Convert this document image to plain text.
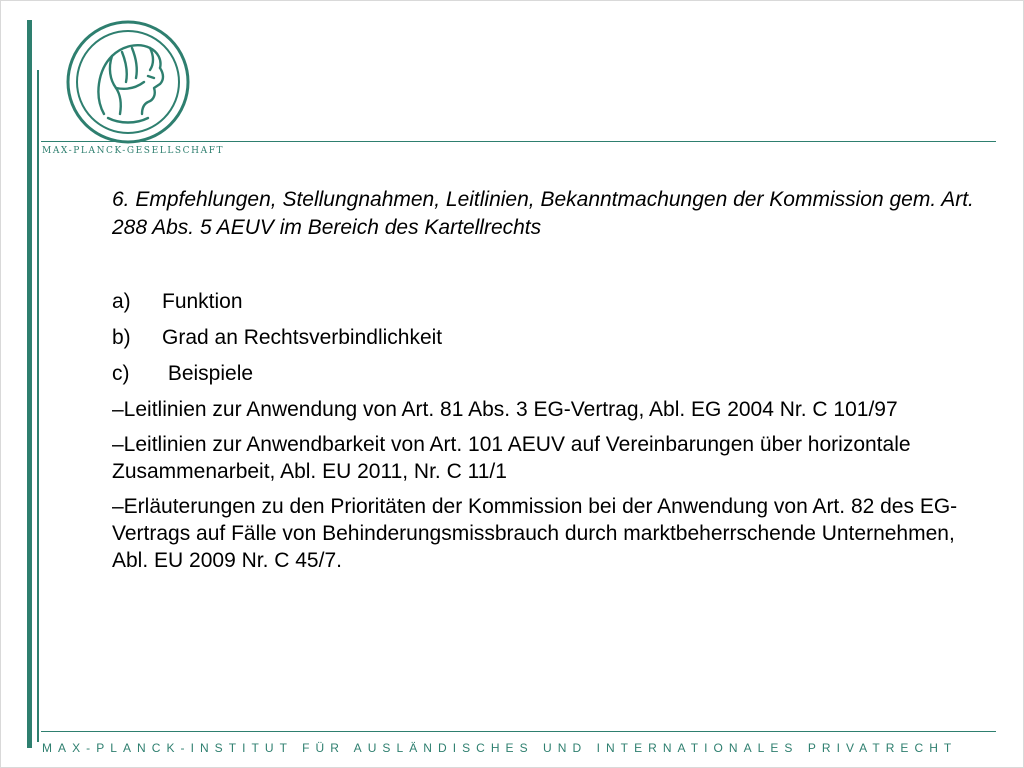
MAX-PLANCK-GESELLSCHAFT

6. Empfehlungen, Stellungnahmen, Leitlinien, Bekanntmachungen der Kommission gem. Art. 288 Abs. 5 AEUV im Bereich des Kartellrechts

a)	Funktion
b)	Grad an Rechtsverbindlichkeit
c)	Beispiele
–Leitlinien zur Anwendung von Art. 81 Abs. 3 EG-Vertrag, Abl. EG 2004 Nr. C 101/97
–Leitlinien zur Anwendbarkeit von Art. 101 AEUV auf Vereinbarungen über horizontale Zusammenarbeit, Abl. EU 2011, Nr. C 11/1
–Erläuterungen zu den Prioritäten der Kommission bei der Anwendung von Art. 82 des EG-Vertrags auf Fälle von Behinderungsmissbrauch durch marktbeherrschende Unternehmen, Abl. EU 2009 Nr. C 45/7.
MAX-PLANCK-INSTITUT FÜR AUSLÄNDISCHES UND INTERNATIONALES PRIVATRECHT
